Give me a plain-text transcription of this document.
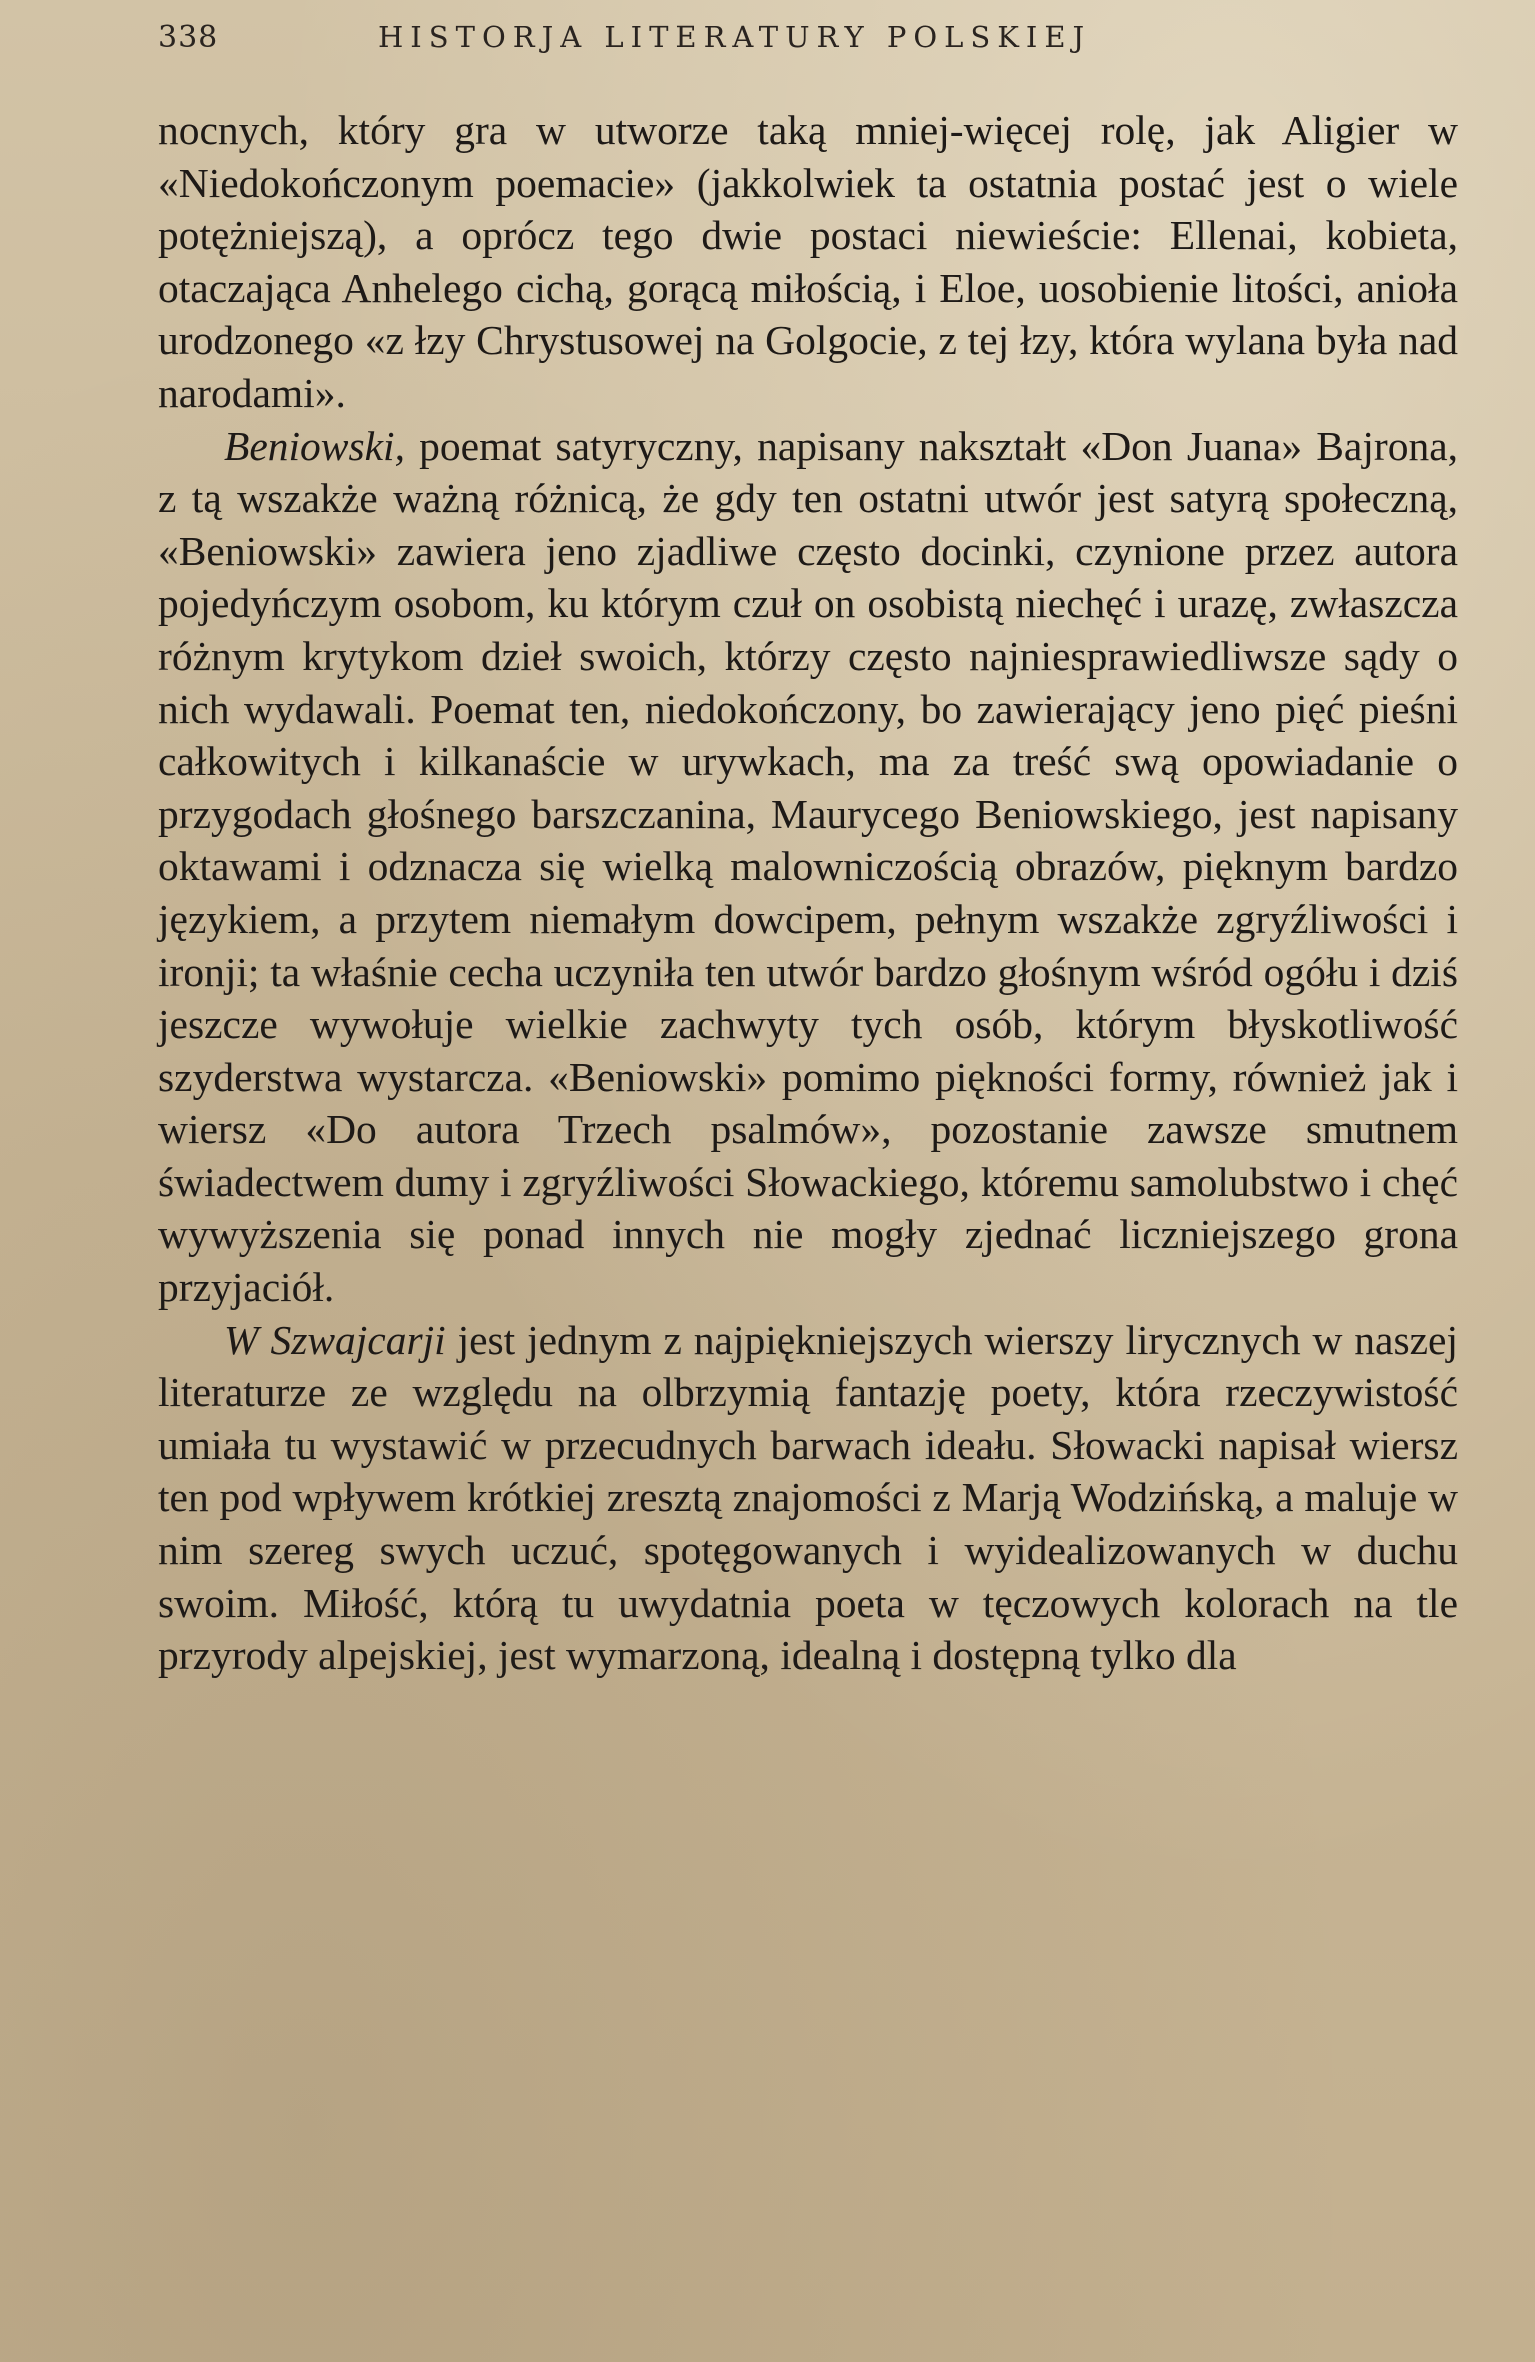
338	HISTORJA LITERATURY POLSKIEJ

nocnych, który gra w utworze taką mniej-więcej rolę, jak Aligier w «Niedokończonym poemacie» (jakkolwiek ta ostatnia postać jest o wiele potężniejszą), a oprócz tego dwie postaci niewieście: Ellenai, kobieta, otaczająca Anhelego cichą, gorącą miłością, i Eloe, uosobienie litości, anioła urodzonego «z łzy Chrystusowej na Golgocie, z tej łzy, która wylana była nad narodami».

Beniowski, poemat satyryczny, napisany nakształt «Don Juana» Bajrona, z tą wszakże ważną różnicą, że gdy ten ostatni utwór jest satyrą społeczną, «Beniowski» zawiera jeno zjadliwe często docinki, czynione przez autora pojedyńczym osobom, ku którym czuł on osobistą niechęć i urazę, zwłaszcza różnym krytykom dzieł swoich, którzy często najniesprawiedliwsze sądy o nich wydawali. Poemat ten, niedokończony, bo zawierający jeno pięć pieśni całkowitych i kilkanaście w urywkach, ma za treść swą opowiadanie o przygodach głośnego barszczanina, Maurycego Beniowskiego, jest napisany oktawami i odznacza się wielką malowniczością obrazów, pięknym bardzo językiem, a przytem niemałym dowcipem, pełnym wszakże zgryźliwości i ironji; ta właśnie cecha uczyniła ten utwór bardzo głośnym wśród ogółu i dziś jeszcze wywołuje wielkie zachwyty tych osób, którym błyskotliwość szyderstwa wystarcza. «Beniowski» pomimo piękności formy, również jak i wiersz «Do autora Trzech psalmów», pozostanie zawsze smutnem świadectwem dumy i zgryźliwości Słowackiego, któremu samolubstwo i chęć wywyższenia się ponad innych nie mogły zjednać liczniejszego grona przyjaciół.

W Szwajcarji jest jednym z najpiękniejszych wierszy lirycznych w naszej literaturze ze względu na olbrzymią fantazję poety, która rzeczywistość umiała tu wystawić w przecudnych barwach ideału. Słowacki napisał wiersz ten pod wpływem krótkiej zresztą znajomości z Marją Wodzińską, a maluje w nim szereg swych uczuć, spotęgowanych i wyidealizowanych w duchu swoim. Miłość, którą tu uwydatnia poeta w tęczowych kolorach na tle przyrody alpejskiej, jest wymarzoną, idealną i dostępną tylko dla
